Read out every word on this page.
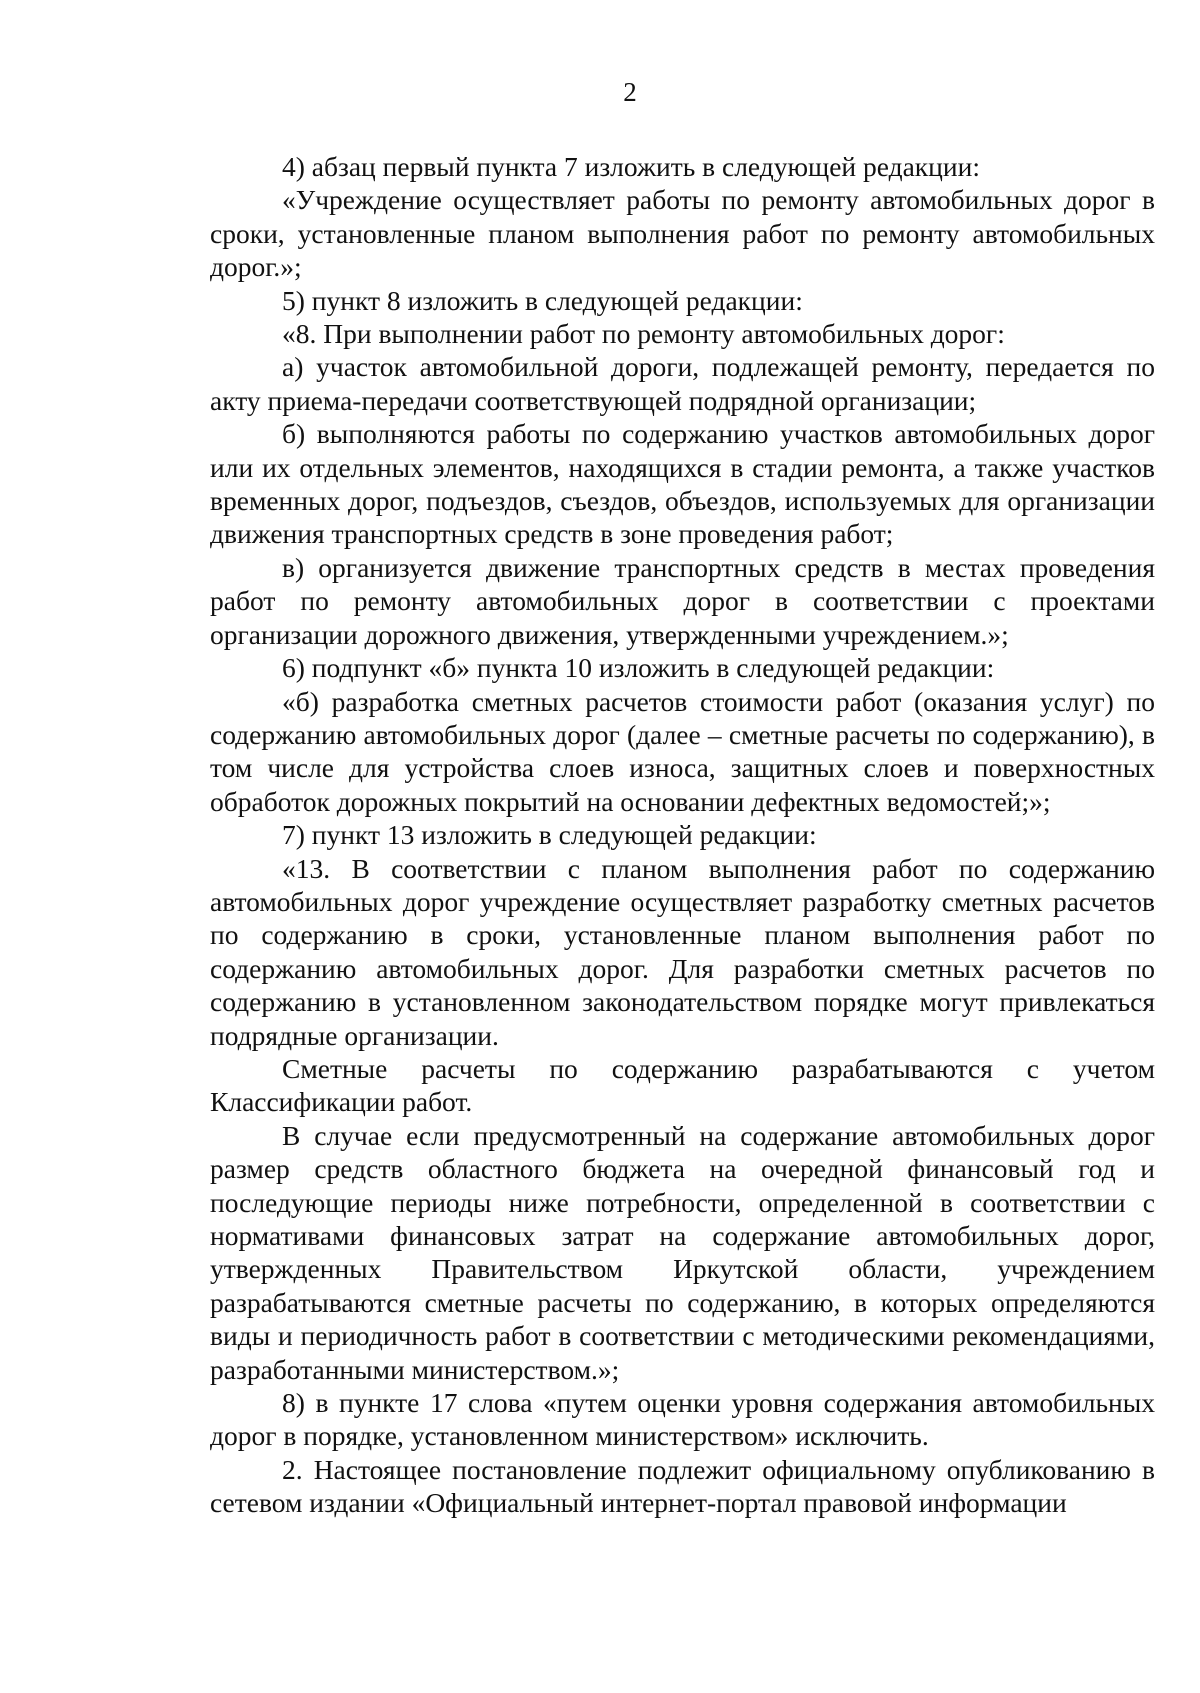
2

4) абзац первый пункта 7 изложить в следующей редакции:

«Учреждение осуществляет работы по ремонту автомобильных дорог в сроки, установленные планом выполнения работ по ремонту автомобильных дорог.»;

5) пункт 8 изложить в следующей редакции:

«8. При выполнении работ по ремонту автомобильных дорог:

а) участок автомобильной дороги, подлежащей ремонту, передается по акту приема-передачи соответствующей подрядной организации;

б) выполняются работы по содержанию участков автомобильных дорог или их отдельных элементов, находящихся в стадии ремонта, а также участков временных дорог, подъездов, съездов, объездов, используемых для организации движения транспортных средств в зоне проведения работ;

в) организуется движение транспортных средств в местах проведения работ по ремонту автомобильных дорог в соответствии с проектами организации дорожного движения, утвержденными учреждением.»;

6) подпункт «б» пункта 10 изложить в следующей редакции:

«б) разработка сметных расчетов стоимости работ (оказания услуг) по содержанию автомобильных дорог (далее – сметные расчеты по содержанию), в том числе для устройства слоев износа, защитных слоев и поверхностных обработок дорожных покрытий на основании дефектных ведомостей;»;

7) пункт 13 изложить в следующей редакции:

«13. В соответствии с планом выполнения работ по содержанию автомобильных дорог учреждение осуществляет разработку сметных расчетов по содержанию в сроки, установленные планом выполнения работ по содержанию автомобильных дорог. Для разработки сметных расчетов по содержанию в установленном законодательством порядке могут привлекаться подрядные организации.

Сметные расчеты по содержанию разрабатываются с учетом Классификации работ.

В случае если предусмотренный на содержание автомобильных дорог размер средств областного бюджета на очередной финансовый год и последующие периоды ниже потребности, определенной в соответствии с нормативами финансовых затрат на содержание автомобильных дорог, утвержденных Правительством Иркутской области, учреждением разрабатываются сметные расчеты по содержанию, в которых определяются виды и периодичность работ в соответствии с методическими рекомендациями, разработанными министерством.»;

8) в пункте 17 слова «путем оценки уровня содержания автомобильных дорог в порядке, установленном министерством» исключить.

2. Настоящее постановление подлежит официальному опубликованию в сетевом издании «Официальный интернет-портал правовой информации
